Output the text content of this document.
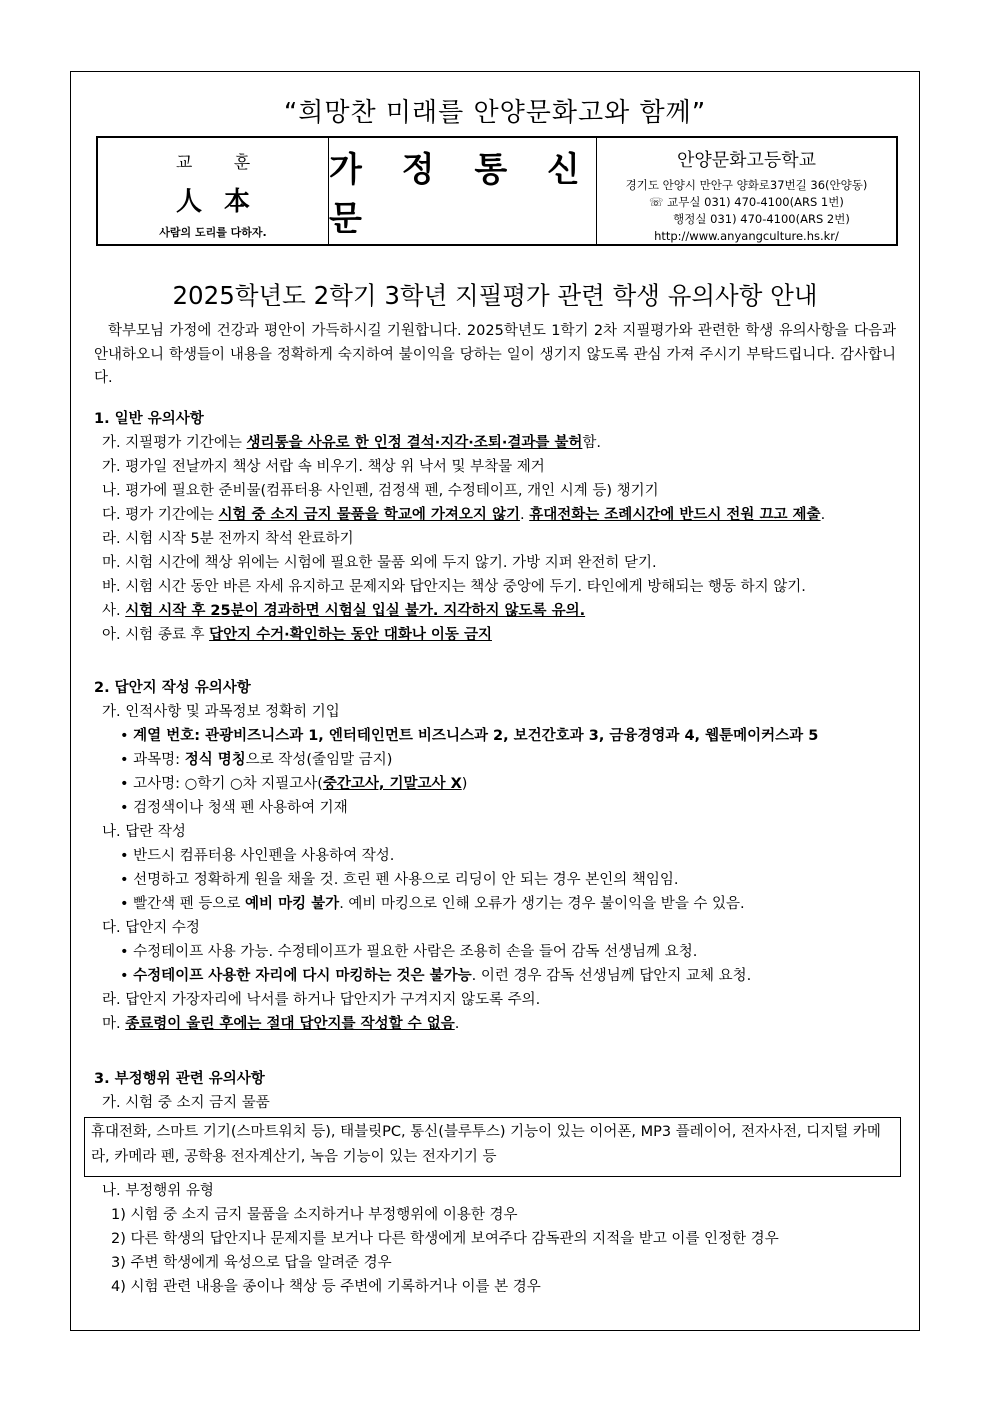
“희망찬 미래를 안양문화고와 함께”
교 훈
人本
사람의 도리를 다하자.
가 정 통 신 문
안양문화고등학교
경기도 안양시 만안구 양화로37번길 36(안양동)
☏ 교무실 031) 470-4100(ARS 1번)
행정실 031) 470-4100(ARS 2번)
http://www.anyangculture.hs.kr/
2025학년도 2학기 3학년 지필평가 관련 학생 유의사항 안내
학부모님 가정에 건강과 평안이 가득하시길 기원합니다. 2025학년도 1학기 2차 지필평가와 관련한 학생 유의사항을 다음과 안내하오니 학생들이 내용을 정확하게 숙지하여 불이익을 당하는 일이 생기지 않도록 관심 가져 주시기 부탁드립니다. 감사합니다.
1. 일반 유의사항
가. 지필평가 기간에는 생리통을 사유로 한 인정 결석·지각·조퇴·결과를 불허함.
가. 평가일 전날까지 책상 서랍 속 비우기. 책상 위 낙서 및 부착물 제거
나. 평가에 필요한 준비물(컴퓨터용 사인펜, 검정색 펜, 수정테이프, 개인 시계 등) 챙기기
다. 평가 기간에는 시험 중 소지 금지 물품을 학교에 가져오지 않기. 휴대전화는 조례시간에 반드시 전원 끄고 제출.
라. 시험 시작 5분 전까지 착석 완료하기
마. 시험 시간에 책상 위에는 시험에 필요한 물품 외에 두지 않기. 가방 지퍼 완전히 닫기.
바. 시험 시간 동안 바른 자세 유지하고 문제지와 답안지는 책상 중앙에 두기. 타인에게 방해되는 행동 하지 않기.
사. 시험 시작 후 25분이 경과하면 시험실 입실 불가. 지각하지 않도록 유의.
아. 시험 종료 후 답안지 수거·확인하는 동안 대화나 이동 금지
2. 답안지 작성 유의사항
가. 인적사항 및 과목정보 정확히 기입
• 계열 번호: 관광비즈니스과 1, 엔터테인먼트 비즈니스과 2, 보건간호과 3, 금융경영과 4, 웹툰메이커스과 5
• 과목명: 정식 명칭으로 작성(줄임말 금지)
• 고사명: ○학기 ○차 지필고사(중간고사, 기말고사 X)
• 검정색이나 청색 펜 사용하여 기재
나. 답란 작성
• 반드시 컴퓨터용 사인펜을 사용하여 작성.
• 선명하고 정확하게 원을 채울 것. 흐린 펜 사용으로 리딩이 안 되는 경우 본인의 책임임.
• 빨간색 펜 등으로 예비 마킹 불가. 예비 마킹으로 인해 오류가 생기는 경우 불이익을 받을 수 있음.
다. 답안지 수정
• 수정테이프 사용 가능. 수정테이프가 필요한 사람은 조용히 손을 들어 감독 선생님께 요청.
• 수정테이프 사용한 자리에 다시 마킹하는 것은 불가능. 이런 경우 감독 선생님께 답안지 교체 요청.
라. 답안지 가장자리에 낙서를 하거나 답안지가 구겨지지 않도록 주의.
마. 종료령이 울린 후에는 절대 답안지를 작성할 수 없음.
3. 부정행위 관련 유의사항
가. 시험 중 소지 금지 물품
휴대전화, 스마트 기기(스마트워치 등), 태블릿PC, 통신(블루투스) 기능이 있는 이어폰, MP3 플레이어, 전자사전, 디지털 카메라, 카메라 펜, 공학용 전자계산기, 녹음 기능이 있는 전자기기 등
나. 부정행위 유형
1) 시험 중 소지 금지 물품을 소지하거나 부정행위에 이용한 경우
2) 다른 학생의 답안지나 문제지를 보거나 다른 학생에게 보여주다 감독관의 지적을 받고 이를 인정한 경우
3) 주변 학생에게 육성으로 답을 알려준 경우
4) 시험 관련 내용을 종이나 책상 등 주변에 기록하거나 이를 본 경우
